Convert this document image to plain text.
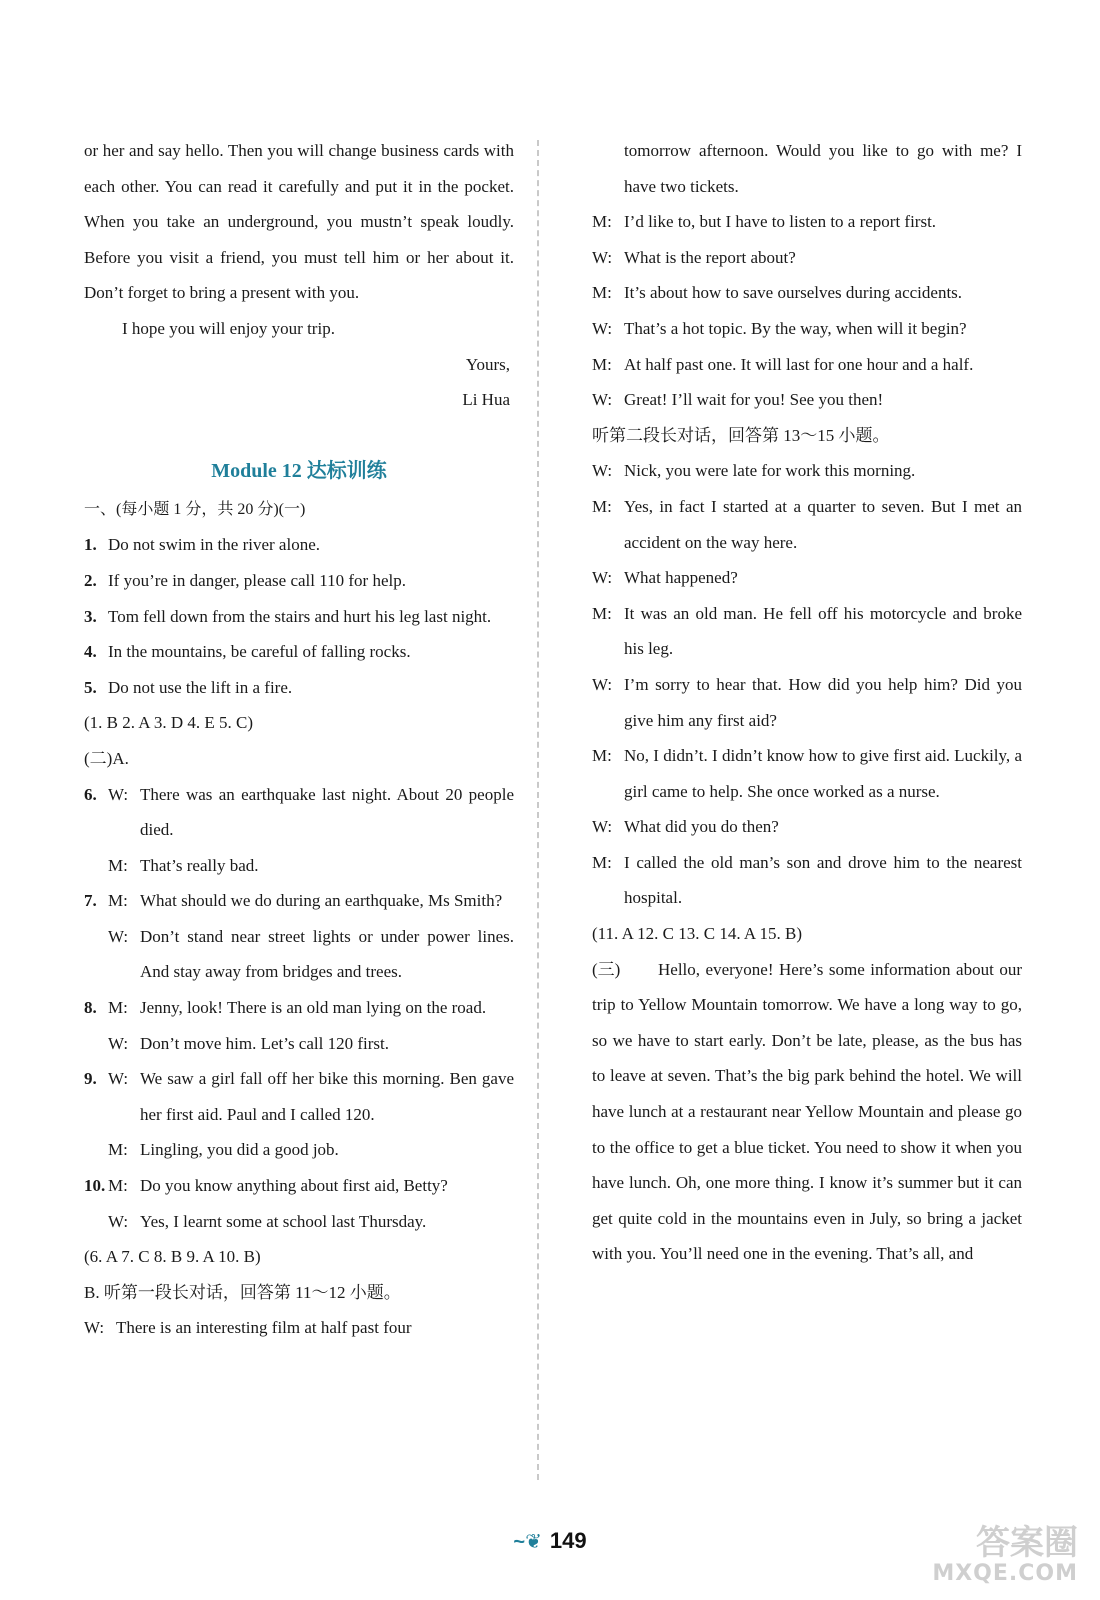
or her and say hello. Then you will change business cards with each other. You can read it carefully and put it in the pocket. When you take an underground, you mustn’t speak loudly. Before you visit a friend, you must tell him or her about it. Don’t forget to bring a present with you.

I hope you will enjoy your trip.

Yours,

Li Hua

Module 12 达标训练

一、(每小题 1 分，共 20 分)(一)

1. Do not swim in the river alone.
2. If you’re in danger, please call 110 for help.
3. Tom fell down from the stairs and hurt his leg last night.
4. In the mountains, be careful of falling rocks.
5. Do not use the lift in a fire.

(1. B 2. A 3. D 4. E 5. C)

(二)A.

6. W: There was an earthquake last night. About 20 people died.

M: That’s really bad.

7. M: What should we do during an earthquake, Ms Smith?

W: Don’t stand near street lights or under power lines. And stay away from bridges and trees.

8. M: Jenny, look! There is an old man lying on the road.

W: Don’t move him. Let’s call 120 first.

9. W: We saw a girl fall off her bike this morning. Ben gave her first aid. Paul and I called 120.

M: Lingling, you did a good job.

10. M: Do you know anything about first aid, Betty?

W: Yes, I learnt some at school last Thursday.

(6. A 7. C 8. B 9. A 10. B)

B. 听第一段长对话，回答第 11～12 小题。

W: There is an interesting film at half past four

tomorrow afternoon. Would you like to go with me? I have two tickets.

M: I’d like to, but I have to listen to a report first.

W: What is the report about?

M: It’s about how to save ourselves during accidents.

W: That’s a hot topic. By the way, when will it begin?

M: At half past one. It will last for one hour and a half.

W: Great! I’ll wait for you! See you then!

听第二段长对话，回答第 13～15 小题。

W: Nick, you were late for work this morning.

M: Yes, in fact I started at a quarter to seven. But I met an accident on the way here.

W: What happened?

M: It was an old man. He fell off his motorcycle and broke his leg.

W: I’m sorry to hear that. How did you help him? Did you give him any first aid?

M: No, I didn’t. I didn’t know how to give first aid. Luckily, a girl came to help. She once worked as a nurse.

W: What did you do then?

M: I called the old man’s son and drove him to the nearest hospital.

(11. A 12. C 13. C 14. A 15. B)

(三) Hello, everyone! Here’s some information about our trip to Yellow Mountain tomorrow. We have a long way to go, so we have to start early. Don’t be late, please, as the bus has to leave at seven. That’s the big park behind the hotel. We will have lunch at a restaurant near Yellow Mountain and please go to the office to get a blue ticket. You need to show it when you have lunch. Oh, one more thing. I know it’s summer but it can get quite cold in the mountains even in July, so bring a jacket with you. You’ll need one in the evening. That’s all, and

~❦ 149	答案圈
MXQE.COM
